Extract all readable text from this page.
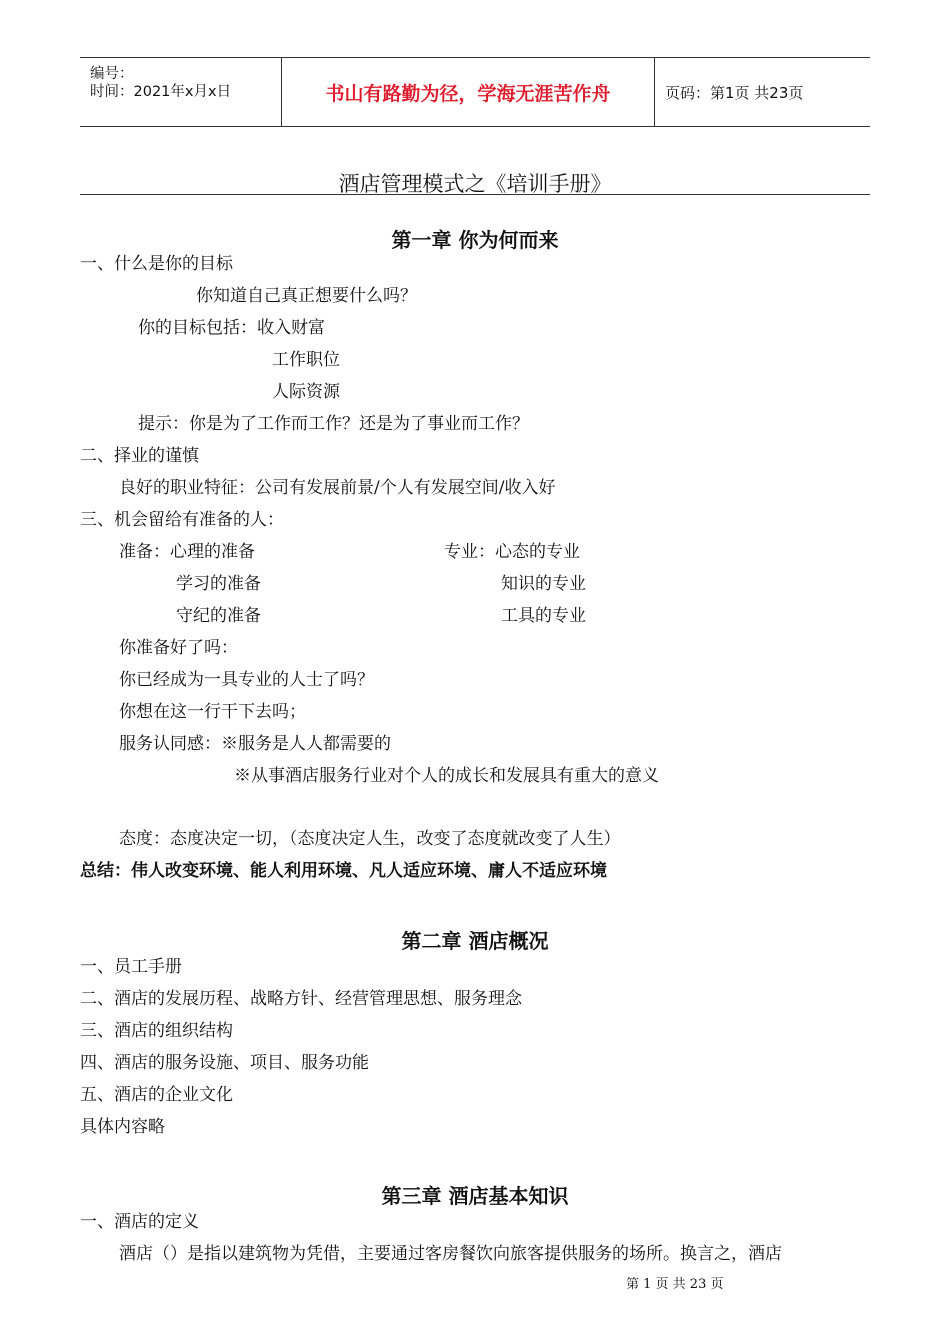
编号：
时间：2021年x月x日	书山有路勤为径，学海无涯苦作舟	页码：第1页 共23页
酒店管理模式之《培训手册》
第一章 你为何而来
一、什么是你的目标
你知道自己真正想要什么吗？
你的目标包括：收入财富
工作职位
人际资源
提示：你是为了工作而工作？还是为了事业而工作？
二、择业的谨慎
良好的职业特征：公司有发展前景/个人有发展空间/收入好
三、机会留给有准备的人：
准备：心理的准备
学习的准备
守纪的准备
专业：心态的专业
知识的专业
工具的专业
你准备好了吗：
你已经成为一具专业的人士了吗？
你想在这一行干下去吗；
服务认同感：※服务是人人都需要的
※从事酒店服务行业对个人的成长和发展具有重大的意义
态度：态度决定一切，（态度决定人生，改变了态度就改变了人生）
总结：伟人改变环境、能人利用环境、凡人适应环境、庸人不适应环境
第二章 酒店概况
一、员工手册
二、酒店的发展历程、战略方针、经营管理思想、服务理念
三、酒店的组织结构
四、酒店的服务设施、项目、服务功能
五、酒店的企业文化
具体内容略
第三章 酒店基本知识
一、酒店的定义
酒店（）是指以建筑物为凭借，主要通过客房餐饮向旅客提供服务的场所。换言之，酒店
第 1 页 共 23 页
